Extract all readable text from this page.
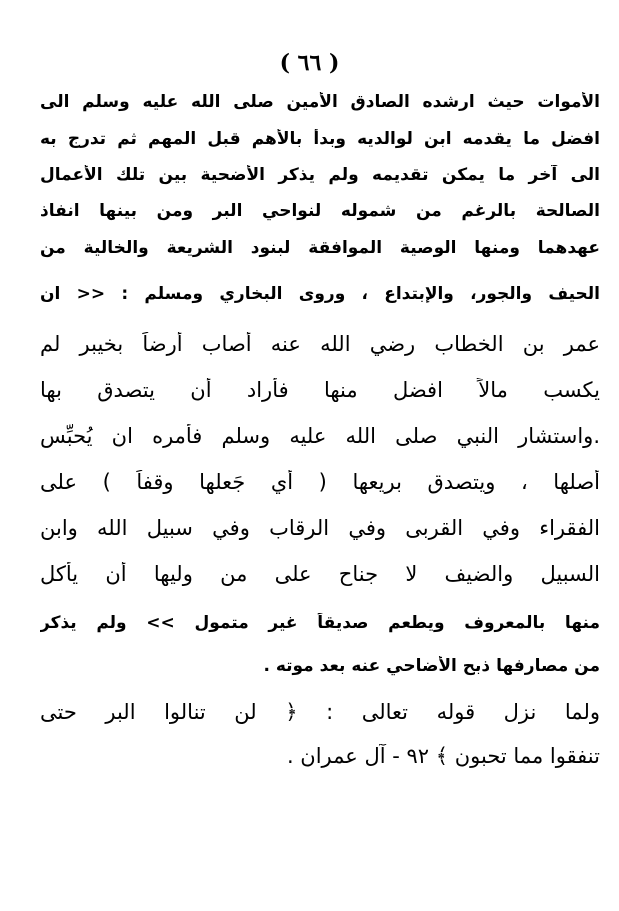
( ٦٦ )
الأموات حيث ارشده الصادق الأمين صلى الله عليه وسلم الى
افضل ما يقدمه ابن لوالديه وبدأ بالأهم قبل المهم ثم تدرج به
الى آخر ما يمكن تقديمه ولم يذكر الأضحية بين تلك الأعمال
الصالحة بالرغم من شموله لنواحي البر ومن بينها انفاذ
عهدهما ومنها الوصية الموافقة لبنود الشريعة والخالية من
الحيف والجور، والإبتداع ، وروى البخاري ومسلم : << ان
عمر بن الخطاب رضي الله عنه أصاب أرضاً بخيبر لم
يكسب مالاً افضل منها فأراد أن يتصدق بها
.واستشار النبي صلى الله عليه وسلم فأمره ان يُحبِّس
أصلها ، ويتصدق بريعها ( أي جَعلها وقفاً ) على
الفقراء وفي القربى وفي الرقاب وفي سبيل الله وابن
السبيل والضيف لا جناح على من وليها أن يأكل
منها بالمعروف ويطعم صديقاً غير متمول >> ولم يذكر
من مصارفها ذبح الأضاحي عنه بعد موته .
ولما نزل قوله تعالى : ﴿ لن تنالوا البر حتى
تنفقوا مما تحبون ﴾ ٩٢ - آل عمران .
